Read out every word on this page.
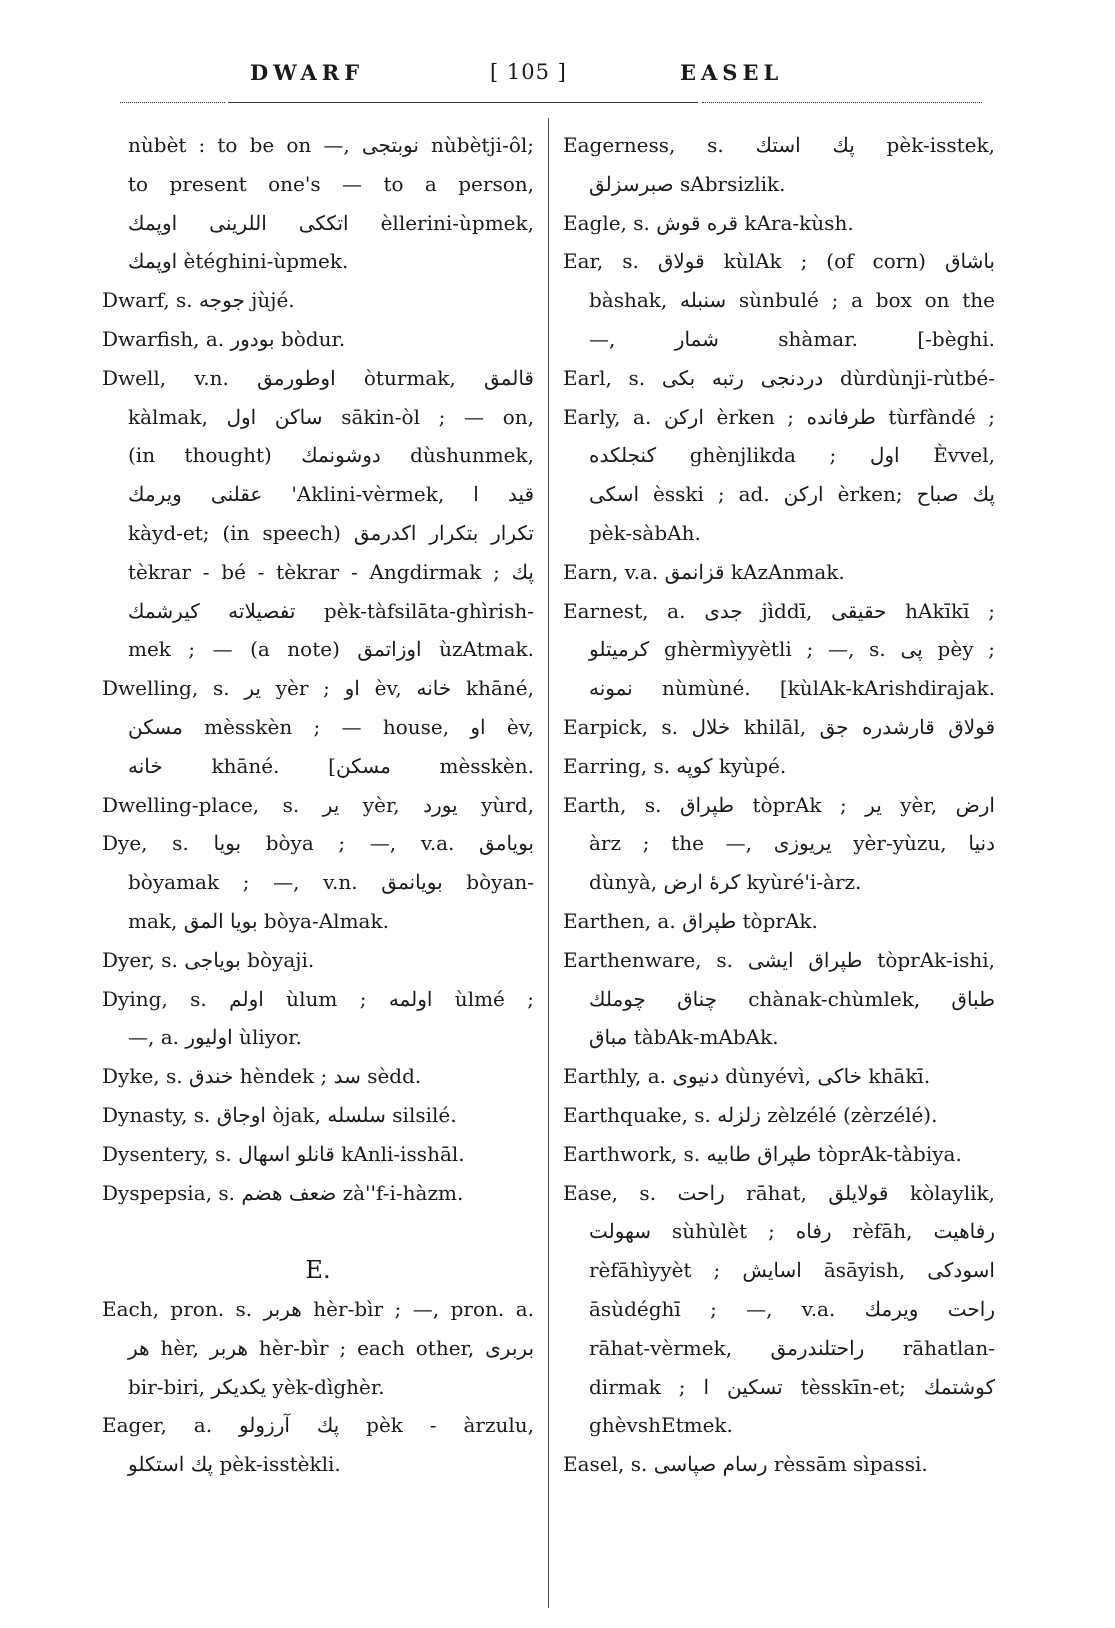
DWARF	[ 105 ]	EASEL
nùbèt : to be on —, نوبتجى nùbètji-ôl;
to present one's — to a person,
اتككى اللرينى اوپمك èllerini-ùpmek,
اوپمك ètéghini-ùpmek.
Dwarf, s. جوجه jùjé.
Dwarfish, a. بودور bòdur.
Dwell, v.n. اوطورمق òturmak, قالمق
kàlmak, ساكن اول sākin-òl ; — on,
(in thought) دوشونمك dùshunmek,
عقلنى ويرمك 'Aklini-vèrmek, قيد ا
kàyd-et; (in speech) تكرار بتكرار اكدرمق
tèkrar - bé - tèkrar - Angdirmak ; پك
تفصيلاته كيرشمك pèk-tàfsilāta-ghìrish-
mek ; — (a note) اوزاتمق ùzAtmak.
Dwelling, s. ير yèr ; او èv, خانه khāné,
مسكن mèsskèn ; — house, او èv,
خانه khāné. [مسكن mèsskèn.
Dwelling-place, s. ير yèr, يورد yùrd,
Dye, s. بويا bòya ; —, v.a. بويامق
bòyamak ; —, v.n. بويانمق bòyan-
mak, بويا المق bòya-Almak.
Dyer, s. بوياجى bòyaji.
Dying, s. اولم ùlum ; اولمه ùlmé ;
—, a. اوليور ùliyor.
Dyke, s. خندق hèndek ; سد sèdd.
Dynasty, s. اوجاق òjak, سلسله silsilé.
Dysentery, s. قانلو اسهال kAnli-isshāl.
Dyspepsia, s. ضعف هضم zà''f-i-hàzm.
E.
Each, pron. s. هربر hèr-bìr ; —, pron. a.
هر hèr, هربر hèr-bìr ; each other, بربرى
bir-biri, يكديكر yèk-dìghèr.
Eager, a. پك آرزولو pèk - àrzulu,
پك استكلو pèk-isstèkli.
Eagerness, s. پك استك pèk-isstek,
صبرسزلق sAbrsizlik.
Eagle, s. قره قوش kAra-kùsh.
Ear, s. قولاق kùlAk ; (of corn) باشاق
bàshak, سنبله sùnbulé ; a box on the
—, شمار shàmar. [-bèghi.
Earl, s. دردنجى رتبه بكى dùrdùnji-rùtbé-
Early, a. اركن èrken ; طرفانده tùrfàndé ;
كنجلكده ghènjlikda ; اول Èvvel,
اسكى èsski ; ad. اركن èrken; پك صباح
pèk-sàbAh.
Earn, v.a. قزانمق kAzAnmak.
Earnest, a. جدى jìddī, حقيقى hAkīkī ;
كرميتلو ghèrmìyyètli ; —, s. پى pèy ;
نمونه nùmùné. [kùlAk-kArishdirajak.
Earpick, s. خلال khilāl, قولاق قارشدره جق
Earring, s. كوپه kyùpé.
Earth, s. طپراق tòprAk ; ير yèr, ارض
àrz ; the —, يريوزى yèr-yùzu, دنيا
dùnyà, كرهٔ ارض kyùré'i-àrz.
Earthen, a. طپراق tòprAk.
Earthenware, s. طپراق ايشى tòprAk-ishi,
چناق چوملك chànak-chùmlek, طباق
مباق tàbAk-mAbAk.
Earthly, a. دنيوى dùnyévì, خاكى khākī.
Earthquake, s. زلزله zèlzélé (zèrzélé).
Earthwork, s. طپراق طابيه tòprAk-tàbiya.
Ease, s. راحت rāhat, قولايلق kòlaylik,
سهولت sùhùlèt ; رفاه rèfāh, رفاهيت
rèfāhìyyèt ; اسايش āsāyish, اسودكى
āsùdéghī ; —, v.a. راحت ويرمك
rāhat-vèrmek, راحتلندرمق rāhatlan-
dirmak ; تسكين ا tèsskīn-et; كوشتمك
ghèvshEtmek.
Easel, s. رسام صپاسى rèssām sìpassi.
